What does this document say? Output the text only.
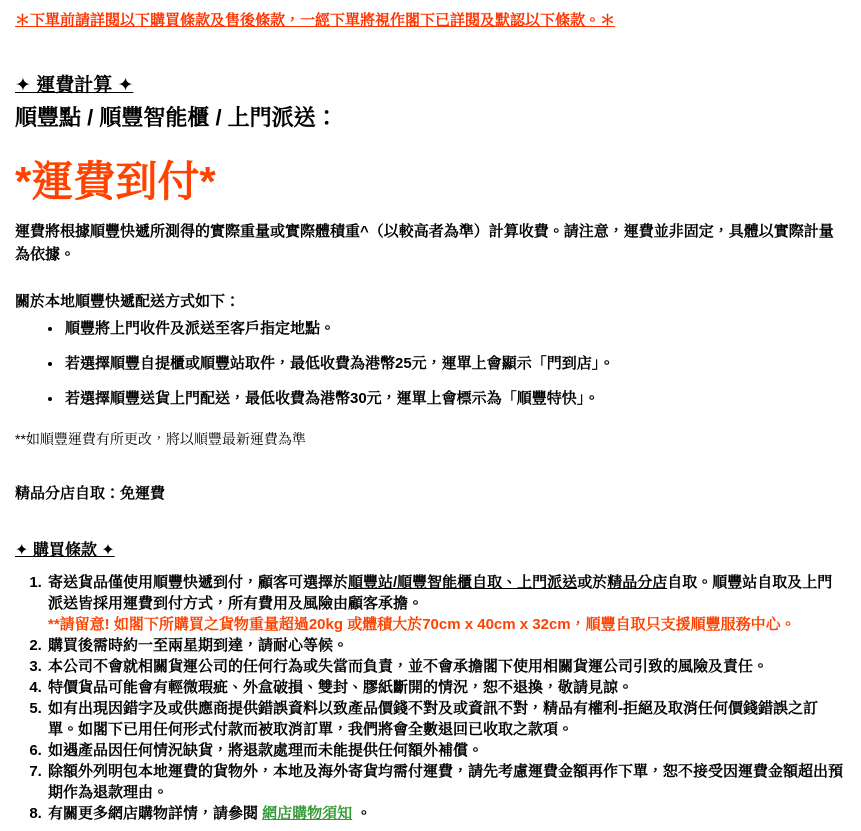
＊下單前請詳閱以下購買條款及售後條款，一經下單將視作閣下已詳閱及默認以下條款。＊
✦ 運費計算 ✦
順豐點 / 順豐智能櫃 / 上門派送：
*運費到付*

運費將根據順豐快遞所測得的實際重量或實際體積重^（以較高者為準）計算收費。請注意，運費並非固定，具體以實際計量為依據。

關於本地順豐快遞配送方式如下：

• 順豐將上門收件及派送至客戶指定地點。
• 若選擇順豐自提櫃或順豐站取件，最低收費為港幣25元，運單上會顯示「門到店」。
• 若選擇順豐送貨上門配送，最低收費為港幣30元，運單上會標示為「順豐特快」。

**如順豐運費有所更改，將以順豐最新運費為準

精品分店自取：免運費

✦ 購買條款 ✦
1. 寄送貨品僅使用順豐快遞到付，顧客可選擇於順豐站/順豐智能櫃自取、上門派送或於精品分店自取。順豐站自取及上門派送皆採用運費到付方式，所有費用及風險由顧客承擔。
**請留意! 如閣下所購買之貨物重量超過20kg 或體積大於70cm x 40cm x 32cm，順豐自取只支援順豐服務中心。
2. 購買後需時約一至兩星期到達，請耐心等候。
3. 本公司不會就相關貨運公司的任何行為或失當而負責，並不會承擔閣下使用相關貨運公司引致的風險及責任。
4. 特價貨品可能會有輕微瑕疵、外盒破損、雙封、膠紙斷開的情況，恕不退換，敬請見諒。
5. 如有出現因錯字及或供應商提供錯誤資料以致產品價錢不對及或資訊不對，精品有權利-拒絕及取消任何價錢錯誤之訂單。如閣下已用任何形式付款而被取消訂單，我們將會全數退回已收取之款項。
6. 如遇產品因任何情況缺貨，將退款處理而未能提供任何額外補償。
7. 除額外列明包本地運費的貨物外，本地及海外寄貨均需付運費，請先考慮運費金額再作下單，恕不接受因運費金額超出預期作為退款理由。
8. 有關更多網店購物詳情，請參閱 網店購物須知 。
